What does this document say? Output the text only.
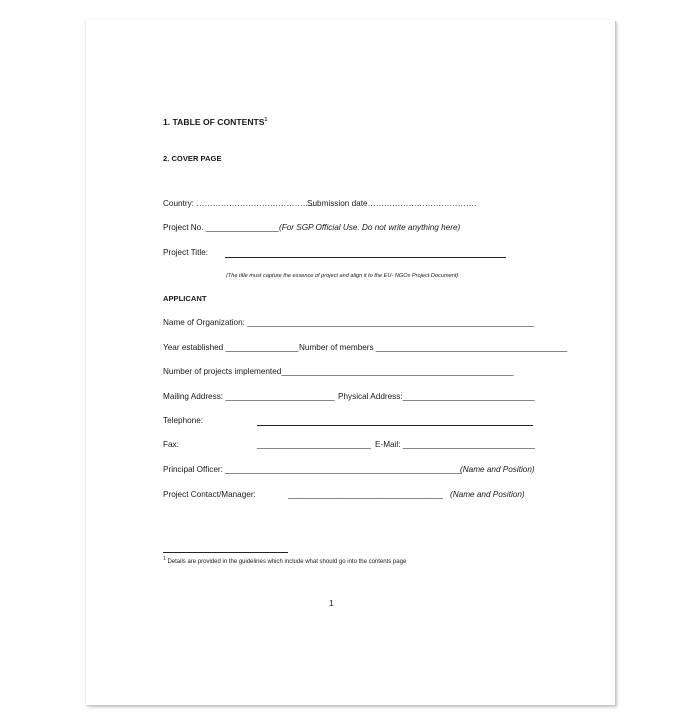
1. TABLE OF CONTENTS$^1$
2. COVER PAGE
Country: ……………………………………..
Submission date………………………………….
Project No. ________________ (For SGP Official Use. Do not write anything here)
Project Title:
(The title must capture the essence of project and align it to the EU- NGOs Project Document)
APPLICANT
Name of Organization: _______________________________________________________________
Year established ________________ Number of members __________________________________________
Number of projects implemented___________________________________________________
Mailing Address: ________________________ Physical Address:_____________________________
Telephone:
Fax:	_________________________ E-Mail: _____________________________
Principal Officer: ____________________________________________________
(Name and Position)
Project Contact/Manager:	__________________________________ (Name and Position)
$^1$ Details are provided in the guidelines which include what should go into the contents page
1
